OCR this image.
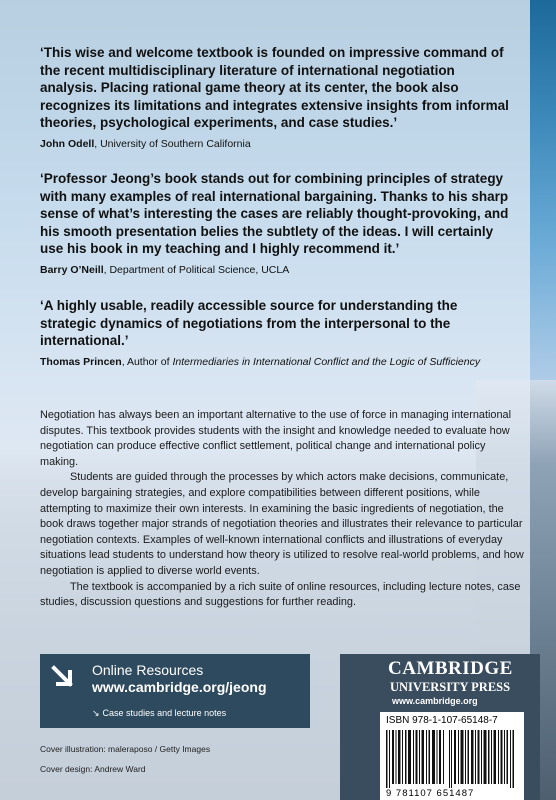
‘This wise and welcome textbook is founded on impressive command of the recent multidisciplinary literature of international negotiation analysis. Placing rational game theory at its center, the book also recognizes its limitations and integrates extensive insights from informal theories, psychological experiments, and case studies.’

John Odell, University of Southern California

‘Professor Jeong’s book stands out for combining principles of strategy with many examples of real international bargaining. Thanks to his sharp sense of what’s interesting the cases are reliably thought-provoking, and his smooth presentation belies the subtlety of the ideas. I will certainly use his book in my teaching and I highly recommend it.’

Barry O’Neill, Department of Political Science, UCLA

‘A highly usable, readily accessible source for understanding the strategic dynamics of negotiations from the interpersonal to the international.’

Thomas Princen, Author of Intermediaries in International Conflict and the Logic of Sufficiency

Negotiation has always been an important alternative to the use of force in managing international disputes. This textbook provides students with the insight and knowledge needed to evaluate how negotiation can produce effective conflict settlement, political change and international policy making.

Students are guided through the processes by which actors make decisions, communicate, develop bargaining strategies, and explore compatibilities between different positions, while attempting to maximize their own interests. In examining the basic ingredients of negotiation, the book draws together major strands of negotiation theories and illustrates their relevance to particular negotiation contexts. Examples of well-known international conflicts and illustrations of everyday situations lead students to understand how theory is utilized to resolve real-world problems, and how negotiation is applied to diverse world events.

The textbook is accompanied by a rich suite of online resources, including lecture notes, case studies, discussion questions and suggestions for further reading.

Online Resources
www.cambridge.org/jeong
↘ Case studies and lecture notes
Cover illustration: maleraposo / Getty Images
Cover design: Andrew Ward
CAMBRIDGE
UNIVERSITY PRESS
www.cambridge.org
ISBN 978-1-107-65148-7
9 781107 651487
